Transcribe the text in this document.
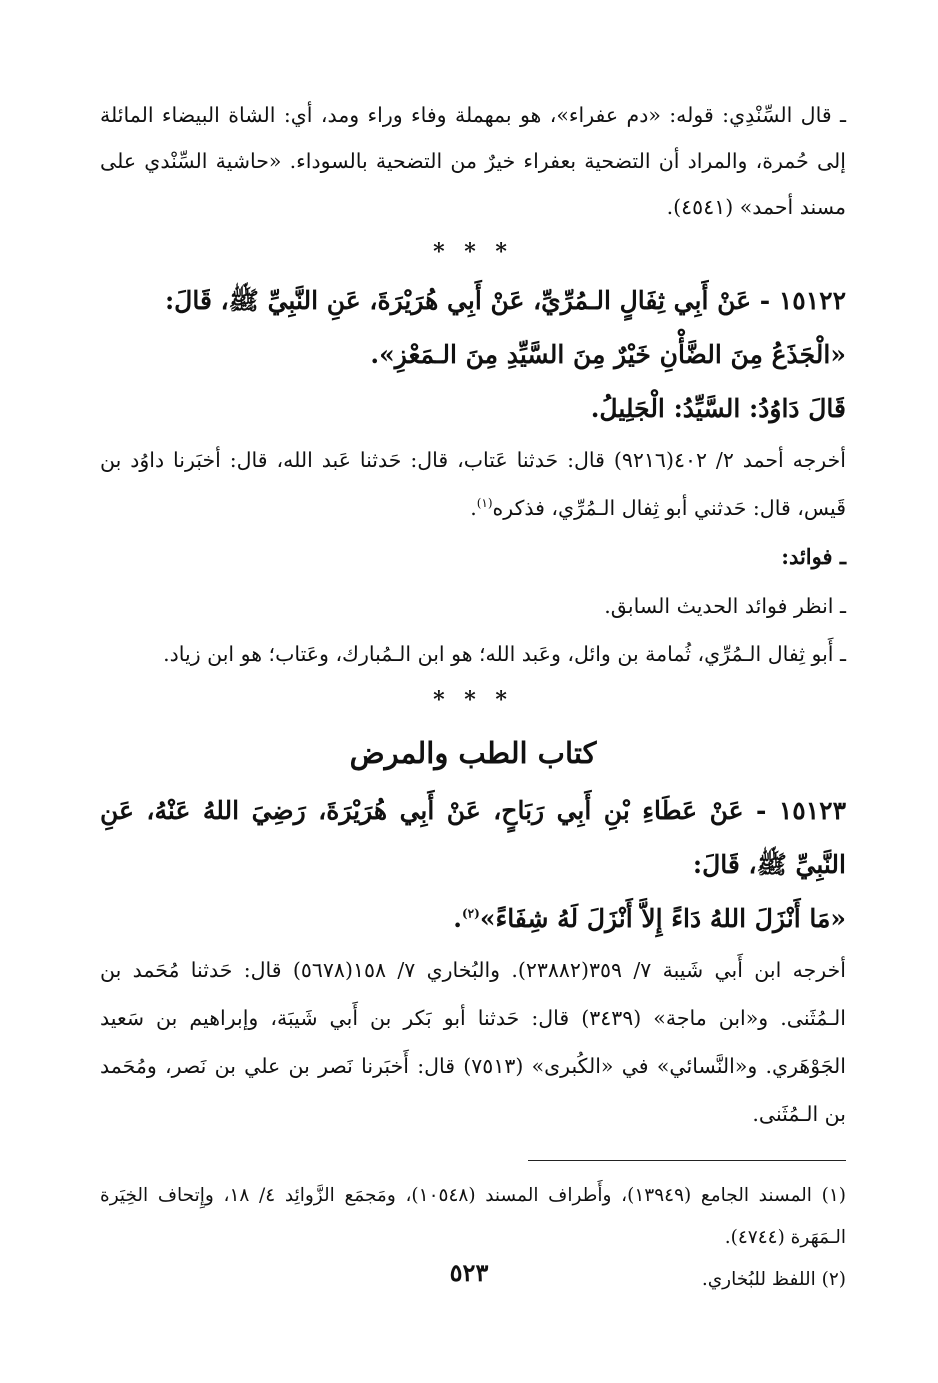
ـ قال السِّنْدِي: قوله: «دم عفراء»، هو بمهملة وفاء وراء ومد، أي: الشاة البيضاء المائلة إلى حُمرة، والمراد أن التضحية بعفراء خيرٌ من التضحية بالسوداء. «حاشية السِّنْدي على مسند أحمد» (٤٥٤١).

* * *

١٥١٢٢ - عَنْ أَبِي ثِفَالٍ الـمُرِّيِّ، عَنْ أَبِي هُرَيْرَةَ، عَنِ النَّبِيِّ ﷺ، قَالَ:

«الْجَذَعُ مِنَ الضَّأْنِ خَيْرٌ مِنَ السَّيِّدِ مِنَ الـمَعْزِ».

قَالَ دَاوُدُ: السَّيِّدُ: الْجَلِيلُ.

أخرجه أحمد ٢/ ٤٠٢(٩٢١٦) قال: حَدثنا عَتاب، قال: حَدثنا عَبد الله، قال: أخبَرنا داوُد بن قَيس، قال: حَدثني أبو ثِفال الـمُرِّي، فذكره$^{(١)}$.

ـ فوائد:

ـ انظر فوائد الحديث السابق.

ـ أَبو ثِفال الـمُرِّي، ثُمامة بن وائل، وعَبد الله؛ هو ابن الـمُبارك، وعَتاب؛ هو ابن زياد.

* * *
كتاب الطب والمرض

١٥١٢٣ - عَنْ عَطَاءِ بْنِ أَبِي رَبَاحٍ، عَنْ أَبِي هُرَيْرَةَ، رَضِيَ اللهُ عَنْهُ، عَنِ النَّبِيِّ ﷺ، قَالَ:

«مَا أَنْزَلَ اللهُ دَاءً إِلاَّ أَنْزَلَ لَهُ شِفَاءً»$^{(٢)}$.

أخرجه ابن أَبي شَيبة ٧/ ٣٥٩(٢٣٨٨٢). والبُخاري ٧/ ١٥٨(٥٦٧٨) قال: حَدثنا مُحَمد بن الـمُثَنى. و«ابن ماجة» (٣٤٣٩) قال: حَدثنا أبو بَكر بن أَبي شَيبَة، وإبراهيم بن سَعيد الجَوْهَري. و«النَّسائي» في «الكُبرى» (٧٥١٣) قال: أَخبَرنا نَصر بن علي بن نَصر، ومُحَمد بن الـمُثَنى.

(١) المسند الجامع (١٣٩٤٩)، وأَطراف المسند (١٠٥٤٨)، ومَجمَع الزَّوائِد ٤/ ١٨، وإِتحاف الخِيَرة الـمَهَرة (٤٧٤٤).

(٢) اللفظ للبُخاري.

٥٢٣
